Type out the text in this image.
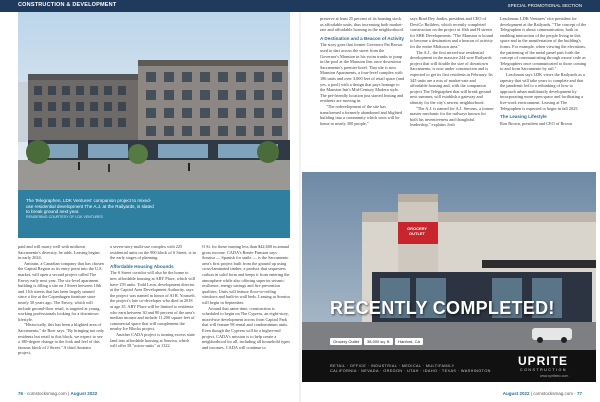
CONSTRUCTION & DEVELOPMENT	SPECIAL PROMOTIONAL SECTION
The Telegraphen, LDK Ventures' companion project to mixed-use residential development The A.J. at the Railyards, is slated to break ground next year.
RENDERING COURTESY OF LDK VENTURES

paid and will marry well with midtown Sacramento's diversity, he adds. Leasing begins in early 2024.

Amtrain, a Canadian company that has chosen the Capital Region as its entry point into the U.S. market, will open a second project called The Envoy early next year. The six-level apartment building is filling a site on J Street between 10th and 11th streets that has been largely unused since a fire at the Copenhagen furniture store nearly 30 years ago. The Envoy, which will include ground-floor retail, is targeted at young, working professionals looking for a downtown lifestyle.

"Historically, this has been a blighted area of Sacramento," de Boer says. "By bringing not only residents but retail to this block, we expect to see a 180-degree change to the look and feel of this famous block of J Street." A third Amtrain project,

a seven-story multi-use complex with 225 residential units on the 900 block of S Street, is in the early stages of planning.

Affordable Housing Abounds

The S Street corridor will also be the home to new affordable housing at ARY Place, which will have 159 units. Todd Leon, development director at the Capitol Area Development Authority, says the project was named in honor of Al R. Youssefi, the project's late co-developer who died in 2018 at age 35. ARY Place will be limited to residents who earn between 30 and 80 percent of the area's median income and include 11,200 square feet of commercial space that will complement the nearby Ice Blocks project.

Another CADA project is turning excess state land into affordable housing at Sonrisa, which will offer 58 "micro-units" at 1322

O St. for those earning less than $42,600 in annual gross income. CADA's Renée Funston says Sonrisa — Spanish for smile — is the Sacramento area's first project built from the ground up using cross-laminated timber, a product that sequesters carbon in solid form and keeps it from entering the atmosphere while also offering superior seismic resilience, energy savings and fire prevention qualities. Units will feature floor-to-ceiling windows and built-in wall beds. Leasing at Sonrisa will begin in September.

Around that same time, construction is scheduled to begin on The Cypress, an eight-story, mixed-use development across from Capitol Park that will feature 98 rental and condominium units. Even though the Cypress will be a higher-end project, CADA's mission is to help create a neighborhood for all, including all household types and incomes. CADA will continue to

preserve at least 25 percent of its housing stock as affordable units, thus increasing both market-rate and affordable housing in the neighborhood.

A Destination and a Beacon of Activity

The story goes that former Governor Pat Brown used to dart across the street from the Governor's Mansion in his swim trunks to jump in the pool at the Mansion Inn, once downtown Sacramento's premier hotel. That site is now Mansion Apartments, a four-level complex with 186 units and over 3,000 feet of retail space (and yes, a pool) with a design that pays homage to the Mansion Inn's Mid-Century Modern style. The pet-friendly location just started leasing and residents are moving in.

"The redevelopment of the site has transformed a formerly abandoned and blighted building into a community which soon will be home to nearly 300 people,"

says Brad Dey Jardin, president and CEO of DeviCo Builders, which recently completed construction on the project at 16th and H streets for SHK Developments. "The Mansion is bound to become a destination and a beacon of activity for the entire Midtown area."

The A.J., the first mixed-use residential development in the massive 244-acre Railyards project that will double the size of downtown Sacramento, is now under construction and is expected to get its first residents in February. Its 345 units are a mix of market-rate and affordable housing and, with the companion project The Telegraphen that will break ground next summer, will establish a gateway and identity for the city's newest neighborhood.

"The A.J. is named for A.J. Stevens, a former master mechanic for the railways known for both his inventiveness and thoughtful leadership," explains Josh

Leachman, LDK Ventures' vice president for development at the Railyards. "The concept of the Telegraphen is about communication, both in enabling interaction of the people living in this space and in the manifestation of the building's forms. For example, when viewing the elevations, the patterning of the metal panel puts forth the concept of communicating through morse code as Telegraphers once communicated to those coming to and from Sacramento by rail."

Leachman says LDK views the Railyards as a tapestry that will take years to complete and that the pandemic led to a rethinking of how to approach urban multifamily development by incorporating more open space and facilitating a live-work environment. Leasing at The Telegraphen is expected to begin in fall 2025.

The Leasing Lifestyle

Ron Brown, president and CEO of Brown

GROCERY OUTLET
RECENTLY COMPLETED!
Grocery Outlet	38,000 sq. ft.	Hanford, CA
RETAIL · OFFICE · INDUSTRIAL · MEDICAL · MULTIFAMILY
CALIFORNIA · NEVADA · OREGON · UTAH · IDAHO · TEXAS · WASHINGTON
UPRITE
CONSTRUCTION
www.upriteinc.com
76 · comstocksmag.com | August 2022	August 2022 | comstocksmag.com · 77
